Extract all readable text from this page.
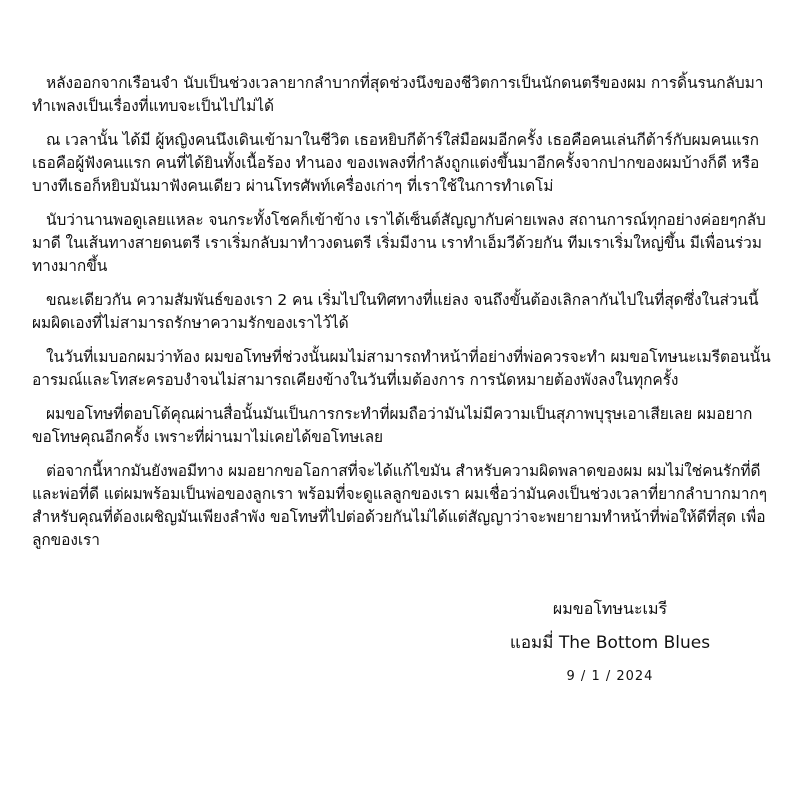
หลังออกจากเรือนจำ นับเป็นช่วงเวลายากลำบากที่สุดช่วงนึงของชีวิตการเป็นนักดนตรีของผม การดิ้นรนกลับมาทำเพลงเป็นเรื่องที่แทบจะเป็นไปไม่ได้

ณ เวลานั้น ได้มี ผู้หญิงคนนึงเดินเข้ามาในชีวิต เธอหยิบกีต้าร์ใส่มือผมอีกครั้ง เธอคือคนเล่นกีต้าร์กับผมคนแรก เธอคือผู้ฟังคนแรก คนที่ได้ยินทั้งเนื้อร้อง ทำนอง ของเพลงที่กำลังถูกแต่งขึ้นมาอีกครั้งจากปากของผมบ้างก็ดี หรือ บางทีเธอก็หยิบมันมาฟังคนเดียว ผ่านโทรศัพท์เครื่องเก่าๆ ที่เราใช้ในการทำเดโม่

นับว่านานพอดูเลยแหละ จนกระทั้งโชคก็เข้าข้าง เราได้เซ็นต์สัญญากับค่ายเพลง สถานการณ์ทุกอย่างค่อยๆกลับมาดี ในเส้นทางสายดนตรี เราเริ่มกลับมาทำวงดนตรี เริ่มมีงาน เราทำเอ็มวีด้วยกัน ทีมเราเริ่มใหญ่ขึ้น มีเพื่อนร่วมทางมากขึ้น

ขณะเดียวกัน ความสัมพันธ์ของเรา 2 คน เริ่มไปในทิศทางที่แย่ลง จนถึงขั้นต้องเลิกลากันไปในที่สุดซึ่งในส่วนนี้ผมผิดเองที่ไม่สามารถรักษาความรักของเราไว้ได้

ในวันที่เมบอกผมว่าท้อง ผมขอโทษที่ช่วงนั้นผมไม่สามารถทำหน้าที่อย่างที่พ่อควรจะทำ ผมขอโทษนะเมรีตอนนั้นอารมณ์และโทสะครอบงำจนไม่สามารถเคียงข้างในวันที่เมต้องการ การนัดหมายต้องพังลงในทุกครั้ง

ผมขอโทษที่ตอบโต้คุณผ่านสื่อนั้นมันเป็นการกระทำที่ผมถือว่ามันไม่มีความเป็นสุภาพบุรุษเอาเสียเลย ผมอยากขอโทษคุณอีกครั้ง เพราะที่ผ่านมาไม่เคยได้ขอโทษเลย

ต่อจากนี้หากมันยังพอมีทาง ผมอยากขอโอกาสที่จะได้แก้ไขมัน สำหรับความผิดพลาดของผม ผมไม่ใช่คนรักที่ดีและพ่อที่ดี แต่ผมพร้อมเป็นพ่อของลูกเรา พร้อมที่จะดูแลลูกของเรา ผมเชื่อว่ามันคงเป็นช่วงเวลาที่ยากลำบากมากๆสำหรับคุณที่ต้องเผชิญมันเพียงลำพัง ขอโทษที่ไปต่อด้วยกันไม่ได้แต่สัญญาว่าจะพยายามทำหน้าที่พ่อให้ดีที่สุด เพื่อลูกของเรา

ผมขอโทษนะเมรี
แอมมี่ The Bottom Blues
9 / 1 / 2024
